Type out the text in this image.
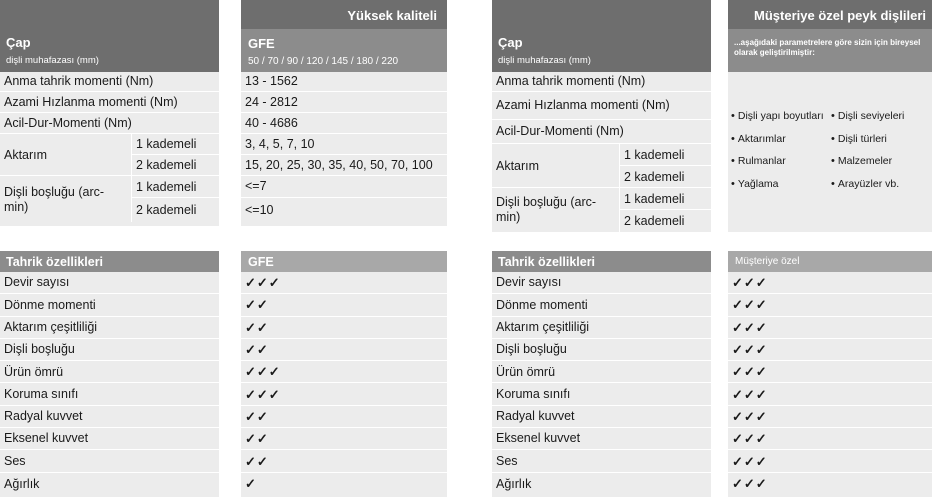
Çap
dişli muhafazası (mm)
Yüksek kaliteli
GFE
50 / 70 / 90 / 120 / 145 / 180 / 220
Anma tahrik momenti (Nm)
Azami Hızlanma momenti (Nm)
Acil-Dur-Momenti (Nm)
Aktarım
1 kademeli
2 kademeli
Dişli boşluğu (arc-min)
1 kademeli
2 kademeli
13 - 1562
24 - 2812
40 - 4686
3, 4, 5, 7, 10
15, 20, 25, 30, 35, 40, 50, 70, 100
<=7
<=10
Çap
dişli muhafazası (mm)
Müşteriye özel peyk dişlileri
...aşağıdaki parametrelere göre sizin için bireysel olarak geliştirilmiştir:
Anma tahrik momenti (Nm)
Azami Hızlanma momenti (Nm)
Acil-Dur-Momenti (Nm)
Aktarım
1 kademeli
2 kademeli
Dişli boşluğu (arc-min)
1 kademeli
2 kademeli
• Dişli yapı boyutları
• Aktarımlar
• Rulmanlar
• Yağlama
• Dişli seviyeleri
• Dişli türleri
• Malzemeler
• Arayüzler vb.
Tahrik özellikleri	GFE
Devir sayısı
Dönme momenti
Aktarım çeşitliliği
Dişli boşluğu
Ürün ömrü
Koruma sınıfı
Radyal kuvvet
Eksenel kuvvet
Ses
Ağırlık
✓✓✓
✓✓
✓✓
✓✓
✓✓✓
✓✓✓
✓✓
✓✓
✓✓
✓
Tahrik özellikleri	Müşteriye özel
Devir sayısı
Dönme momenti
Aktarım çeşitliliği
Dişli boşluğu
Ürün ömrü
Koruma sınıfı
Radyal kuvvet
Eksenel kuvvet
Ses
Ağırlık
✓✓✓
✓✓✓
✓✓✓
✓✓✓
✓✓✓
✓✓✓
✓✓✓
✓✓✓
✓✓✓
✓✓✓
